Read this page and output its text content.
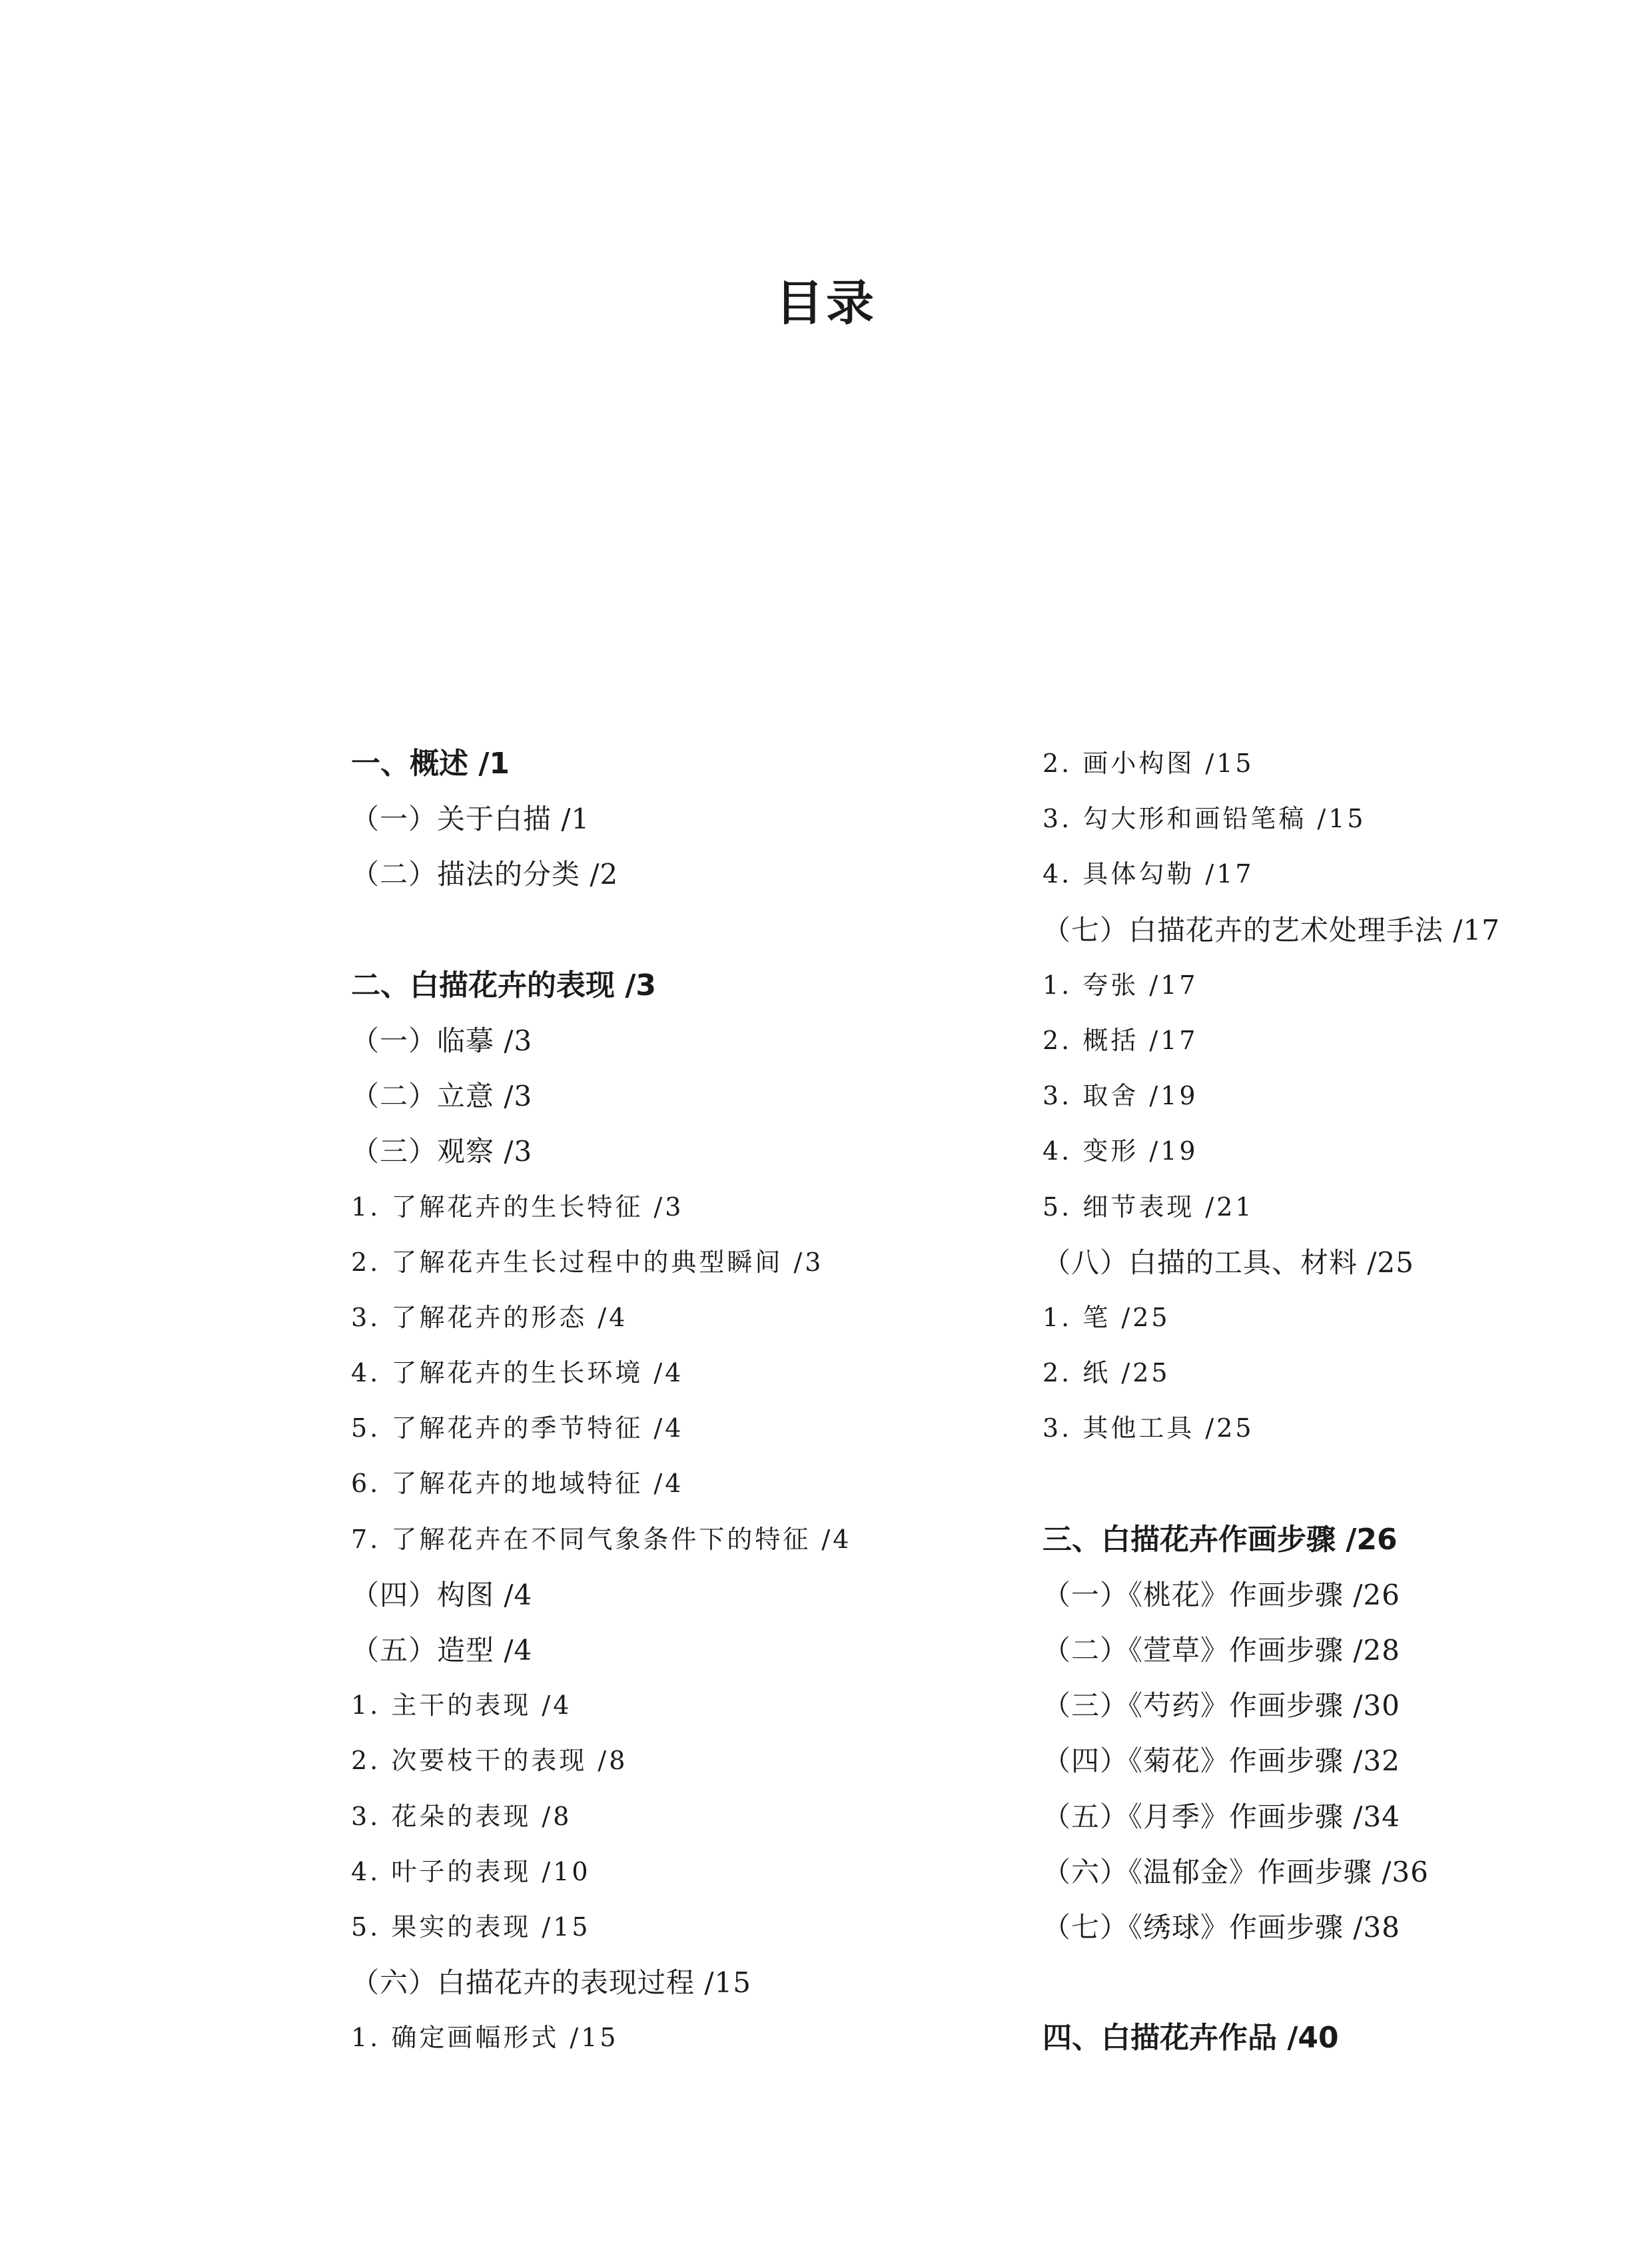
目录
一、概述 /1
（一）关于白描 /1
（二）描法的分类 /2
二、白描花卉的表现 /3
（一）临摹 /3
（二）立意 /3
（三）观察 /3
1. 了解花卉的生长特征 /3
2. 了解花卉生长过程中的典型瞬间 /3
3. 了解花卉的形态 /4
4. 了解花卉的生长环境 /4
5. 了解花卉的季节特征 /4
6. 了解花卉的地域特征 /4
7. 了解花卉在不同气象条件下的特征 /4
（四）构图 /4
（五）造型 /4
1. 主干的表现 /4
2. 次要枝干的表现 /8
3. 花朵的表现 /8
4. 叶子的表现 /10
5. 果实的表现 /15
（六）白描花卉的表现过程 /15
1. 确定画幅形式 /15
2. 画小构图 /15
3. 勾大形和画铅笔稿 /15
4. 具体勾勒 /17
（七）白描花卉的艺术处理手法 /17
1. 夸张 /17
2. 概括 /17
3. 取舍 /19
4. 变形 /19
5. 细节表现 /21
（八）白描的工具、材料 /25
1. 笔 /25
2. 纸 /25
3. 其他工具 /25
三、白描花卉作画步骤 /26
（一）《桃花》作画步骤 /26
（二）《萱草》作画步骤 /28
（三）《芍药》作画步骤 /30
（四）《菊花》作画步骤 /32
（五）《月季》作画步骤 /34
（六）《温郁金》作画步骤 /36
（七）《绣球》作画步骤 /38
四、白描花卉作品 /40
